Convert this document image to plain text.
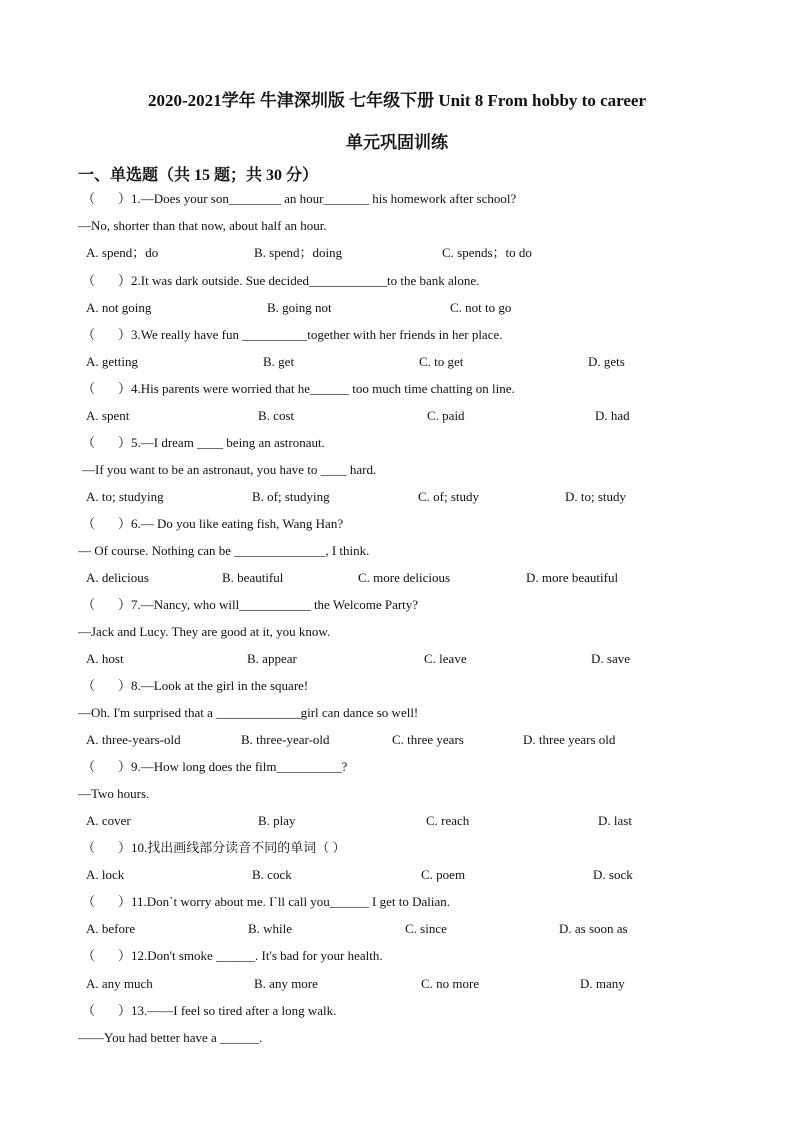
2020-2021学年 牛津深圳版 七年级下册 Unit 8 From hobby to career
单元巩固训练
一、单选题（共 15 题；共 30 分）
（ ） 1.—Does your son________ an hour_______ his homework after school?
—No, shorter than that now, about half an hour.
A. spend；do	B. spend；doing	C. spends；to do
（ ） 2.It was dark outside. Sue decided____________to the bank alone.
A. not going	B. going not	C. not to go
（ ） 3.We really have fun __________together with her friends in her place.
A. getting	B. get	C. to get	D. gets
（ ） 4.His parents were worried that he______ too much time chatting on line.
A. spent	B. cost	C. paid	D. had
（ ） 5.—I dream ____ being an astronaut.
—If you want to be an astronaut, you have to ____ hard.
A. to; studying	B. of; studying	C. of; study	D. to; study
（ ） 6.— Do you like eating fish, Wang Han?
— Of course. Nothing can be ______________, I think.
A. delicious	B. beautiful	C. more delicious	D. more beautiful
（ ） 7.—Nancy, who will___________ the Welcome Party?
—Jack and Lucy. They are good at it, you know.
A. host	B. appear	C. leave	D. save
（ ） 8.—Look at the girl in the square!
—Oh. I'm surprised that a _____________girl can dance so well!
A. three-years-old	B. three-year-old	C. three years	D. three years old
（ ） 9.—How long does the film__________?
—Two hours.
A. cover	B. play	C. reach	D. last
（ ） 10.找出画线部分读音不同的单词（ ）
A. lock	B. cock	C. poem	D. sock
（ ） 11.Don`t worry about me. I`ll call you______ I get to Dalian.
A. before	B. while	C. since	D. as soon as
（ ） 12.Don't smoke ______. It's bad for your health.
A. any much	B. any more	C. no more	D. many
（ ） 13.——I feel so tired after a long walk.
——You had better have a ______.
